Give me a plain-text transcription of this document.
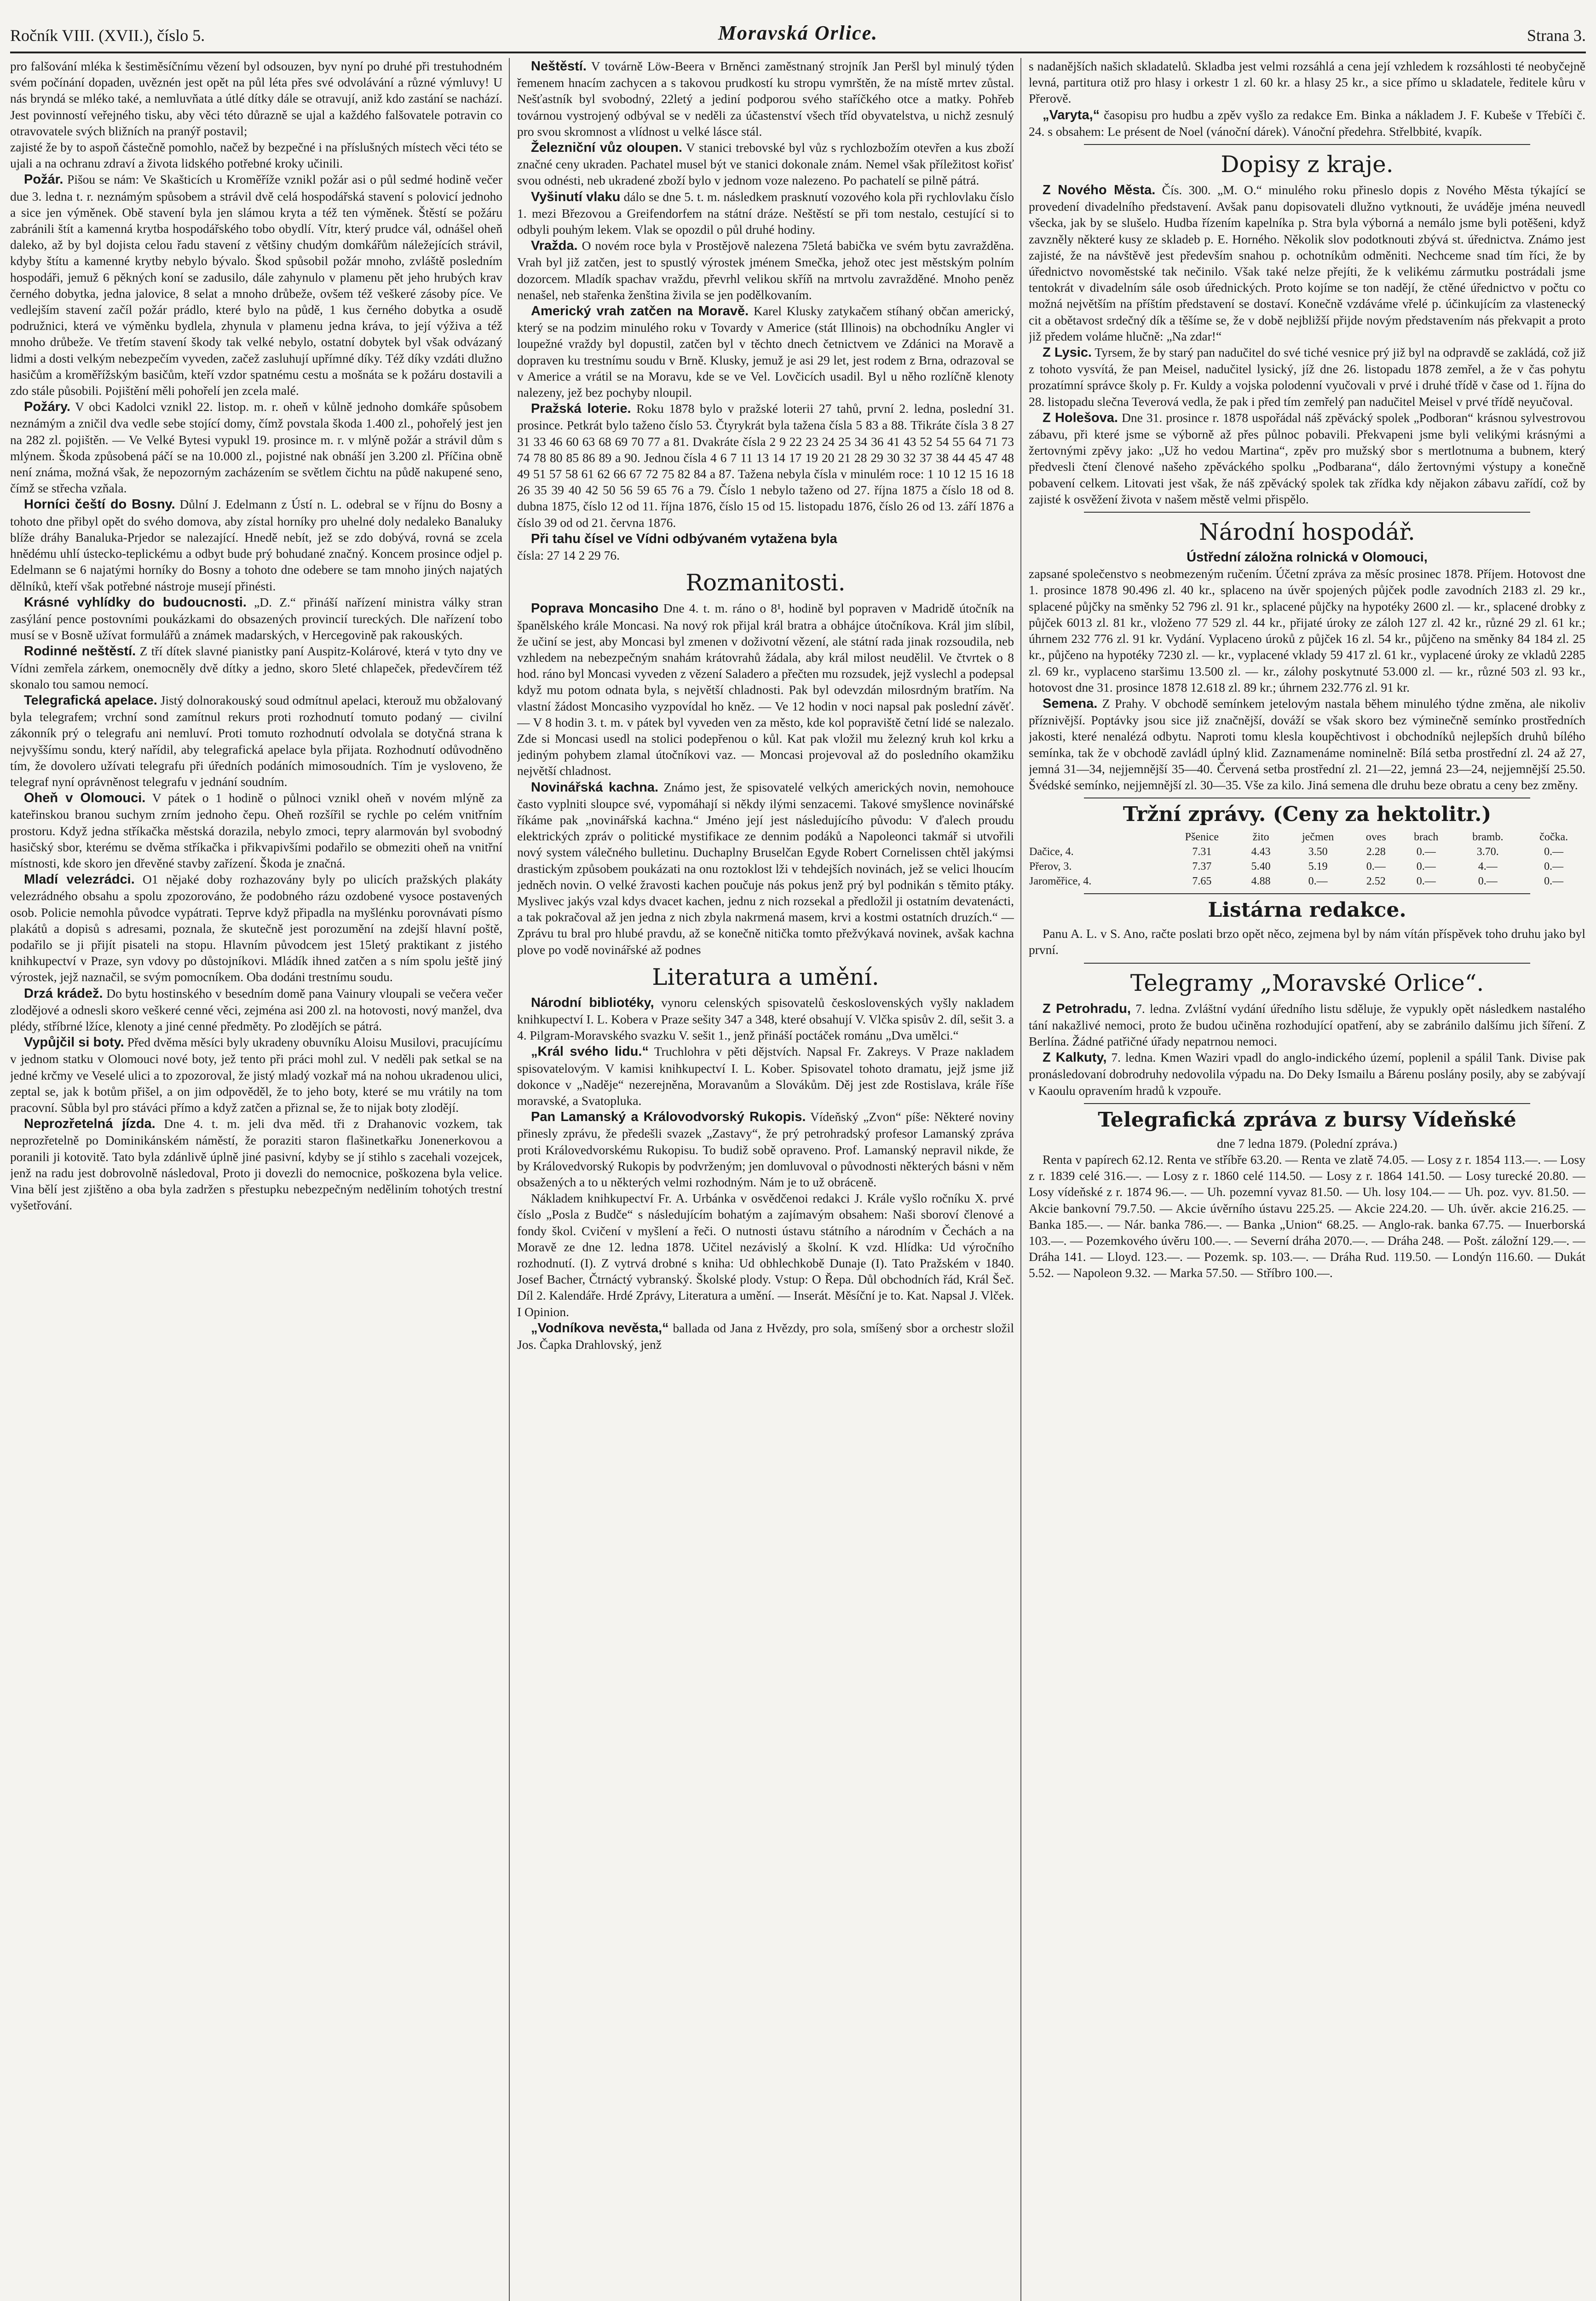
Ročník VIII. (XVII.), číslo 5.	Moravská Orlice.	Strana 3.

pro falšování mléka k šestiměsíčnímu vězení byl odsouzen, byv nyní po druhé při trestuhodném svém počínání dopaden, uvěznén jest opět na půl léta přes své odvolávání a různé výmluvy! U nás bryndá se mléko také, a nemluvňata a útlé dítky dále se otravují, aniž kdo zastání se nachází. Jest povinností veřejného tisku, aby věci této důrazně se ujal a každého falšovatele potravin co otravovatele svých bližních na pranýř postavil;

zajisté že by to aspoň částečně pomohlo, načež by bezpečné i na příslušných místech věci této se ujali a na ochranu zdraví a života lidského potřebné kroky učinili.

Požár. Pišou se nám: Ve Skašticích u Kroměříže vznikl požár asi o půl sedmé hodině večer due 3. ledna t. r. neznámým spůsobem a strávil dvě celá hospodářská stavení s polovicí jednoho a sice jen výměnek. Obě stavení byla jen slámou kryta a též ten výměnek. Štěstí se požáru zabránili štít a kamenná krytba hospodářského tobo obydlí. Vítr, který prudce vál, odnášel oheň daleko, až by byl dojista celou řadu stavení z většiny chudým domkářům náležejících strávil, kdyby štítu a kamenné krytby nebylo bývalo. Škod spůsobil požár mnoho, zvláště posledním hospodáři, jemuž 6 pěkných koní se zadusilo, dále zahynulo v plamenu pět jeho hrubých krav černého dobytka, jedna jalovice, 8 selat a mnoho drůbeže, ovšem též veškeré zásoby píce. Ve vedlejším stavení začíl požár prádlo, které bylo na půdě, 1 kus černého dobytka a osudě podružnici, která ve výměnku bydlela, zhynula v plamenu jedna kráva, to její výživa a též mnoho drůbeže. Ve třetím stavení škody tak velké nebylo, ostatní dobytek byl však odvázaný lidmi a dosti velkým nebezpečím vyveden, začež zasluhují upřímné díky. Též díky vzdáti dlužno hasičům a kroměřížským basičům, kteří vzdor spatnému cestu a mošnáta se k požáru dostavili a zdo stále působili. Pojištění měli pohořelí jen zcela malé.

Požáry. V obci Kadolci vznikl 22. listop. m. r. oheň v kůlně jednoho domkáře spůsobem neznámým a zničil dva vedle sebe stojící domy, čímž povstala škoda 1.400 zl., pohořelý jest jen na 282 zl. pojištěn. — Ve Velké Bytesi vypukl 19. prosince m. r. v mlýně požár a strávil dům s mlýnem. Škoda způsobená páčí se na 10.000 zl., pojistné nak obnáší jen 3.200 zl. Příčina obně není známa, možná však, že nepozorným zacházením se světlem čichtu na půdě nakupené seno, čímž se střecha vzňala.

Horníci čeští do Bosny. Důlní J. Edelmann z Ústí n. L. odebral se v říjnu do Bosny a tohoto dne přibyl opět do svého domova, aby zístal horníky pro uhelné doly nedaleko Banaluky blíže dráhy Banaluka-Prjedor se nalezající. Hnedě nebít, jež se zdo dobývá, rovná se zcela hnědému uhlí ústecko-teplickému a odbyt bude prý bohudané značný. Koncem prosince odjel p. Edelmann se 6 najatými horníky do Bosny a tohoto dne odebere se tam mnoho jiných najatých dělníků, kteří však potřebné nástroje musejí přinésti.

Krásné vyhlídky do budoucnosti. „D. Z.“ přináší nařízení ministra války stran zasýlání pence postovními poukázkami do obsazených provincií tureckých. Dle nařízení tobo musí se v Bosně užívat formulářů a známek madarských, v Hercegovině pak rakouských.

Rodinné neštěstí. Z tří dítek slavné pianistky paní Auspitz-Kolárové, která v tyto dny ve Vídni zemřela zárkem, onemocněly dvě dítky a jedno, skoro 5leté chlapeček, předevčírem též skonalo tou samou nemocí.

Telegrafická apelace. Jistý dolnorakouský soud odmítnul apelaci, kterouž mu obžalovaný byla telegrafem; vrchní sond zamítnul rekurs proti rozhodnutí tomuto podaný — civilní zákonník prý o telegrafu ani nemluví. Proti tomuto rozhodnutí odvolala se dotyčná strana k nejvyššímu sondu, který nařídil, aby telegrafická apelace byla přijata. Rozhodnutí odůvodněno tím, že dovolero užívati telegrafu při úředních podáních mimosoudních. Tím je vysloveno, že telegraf nyní oprávněnost telegrafu v jednání soudním.

Oheň v Olomouci. V pátek o 1 hodině o půlnoci vznikl oheň v novém mlýně za kateřinskou branou suchym zrním jednoho čepu. Oheň rozšířil se rychle po celém vnitřním prostoru. Když jedna stříkačka městská dorazila, nebylo zmoci, tepry alarmován byl svobodný hasičský sbor, kterému se dvěma stříkačka i přikvapivšími podařilo se obmeziti oheň na vnitřní místnosti, kde skoro jen dřevěné stavby zařízení. Škoda je značná.

Mladí velezrádci. O1 nějaké doby rozhazovány byly po ulicích pražských plakáty velezrádného obsahu a spolu zpozorováno, že podobného rázu ozdobené vysoce postavených osob. Policie nemohla původce vypátrati. Teprve když připadla na myšlénku porovnávati písmo plakátů a dopisů s adresami, poznala, že skutečně jest porozumění na zdejší hlavní poště, podařilo se ji přijít pisateli na stopu. Hlavním původcem jest 15letý praktikant z jistého knihkupectví v Praze, syn vdovy po důstojníkovi. Mládík ihned zatčen a s ním spolu ještě jiný výrostek, jejž naznačil, se svým pomocníkem. Oba dodáni trestnímu soudu.

Drzá krádež. Do bytu hostinského v besedním domě pana Vainury vloupali se večera večer zlodějové a odnesli skoro veškeré cenné věci, zejména asi 200 zl. na hotovosti, nový manžel, dva plédy, stříbrné lžíce, klenoty a jiné cenné předměty. Po zlodějích se pátrá.

Vypůjčil si boty. Před dvěma měsíci byly ukradeny obuvníku Aloisu Musilovi, pracujícímu v jednom statku v Olomouci nové boty, jež tento při práci mohl zul. V neděli pak setkal se na jedné krčmy ve Veselé ulici a to zpozoroval, že jistý mladý vozkař má na nohou ukradenou ulici, zeptal se, jak k botům přišel, a on jim odpověděl, že to jeho boty, které se mu vrátily na tom pracovní. Sůbla byl pro stáváci přímo a když zatčen a přiznal se, že to nijak boty zlodějí.

Neprozřetelná jízda. Dne 4. t. m. jeli dva měd. tři z Drahanovic vozkem, tak neprozřetelně po Dominikánském náměstí, že poraziti staron flašinetkařku Jonenerkovou a poranili ji kotovitě. Tato byla zdánlivě úplně jiné pasivní, kdyby se jí stihlo s zacehali vozejcek, jenž na radu jest dobrovolně následoval, Proto ji dovezli do nemocnice, poškozena byla velice. Vina bělí jest zjištěno a oba byla zadržen s přestupku nebezpečným neděliním tohotých trestní vyšetřování.

Neštěstí. V továrně Löw-Beera v Brněnci zaměstnaný strojník Jan Peršl byl minulý týden řemenem hnacím zachycen a s takovou prudkostí ku stropu vymrštěn, že na místě mrtev zůstal. Nešťastník byl svobodný, 22letý a jediní podporou svého staříčkého otce a matky. Pohřeb továrnou vystrojený odbýval se v neděli za účastenství všech tříd obyvatelstva, u nichž zesnulý pro svou skromnost a vlídnost u velké lásce stál.

Železniční vůz oloupen. V stanici trebovské byl vůz s rychlozbožím otevřen a kus zboží značné ceny ukraden. Pachatel musel být ve stanici dokonale znám. Nemel však příležitost kořisť svou odnésti, neb ukradené zboží bylo v jednom voze nalezeno. Po pachatelí se pilně pátrá.

Vyšinutí vlaku dálo se dne 5. t. m. následkem prasknutí vozového kola při rychlovlaku číslo 1. mezi Březovou a Greifendorfem na státní dráze. Neštěstí se při tom nestalo, cestující si to odbyli pouhým lekem. Vlak se opozdil o půl druhé hodiny.

Vražda. O novém roce byla v Prostějově nalezena 75letá babička ve svém bytu zavražděna. Vrah byl již zatčen, jest to spustlý výrostek jménem Smečka, jehož otec jest městským polním dozorcem. Mladík spachav vraždu, převrhl velikou skříň na mrtvolu zavražděné. Mnoho peněz nenašel, neb stařenka ženština živila se jen podělkovaním.

Americký vrah zatčen na Moravě. Karel Klusky zatykačem stíhaný občan americký, který se na podzim minulého roku v Tovardy v Americe (stát Illinois) na obchodníku Angler vi loupežné vraždy byl dopustil, zatčen byl v těchto dnech četnictvem ve Zdánici na Moravě a dopraven ku trestnímu soudu v Brně. Klusky, jemuž je asi 29 let, jest rodem z Brna, odrazoval se v Americe a vrátil se na Moravu, kde se ve Vel. Lovčicích usadil. Byl u něho rozlíčně klenoty nalezeny, jež bez pochyby nloupil.

Pražská loterie. Roku 1878 bylo v pražské loterii 27 tahů, první 2. ledna, poslední 31. prosince. Petkrát bylo taženo číslo 53. Čtyrykrát byla tažena čísla 5 83 a 88. Třikráte čísla 3 8 27 31 33 46 60 63 68 69 70 77 a 81. Dvakráte čísla 2 9 22 23 24 25 34 36 41 43 52 54 55 64 71 73 74 78 80 85 86 89 a 90. Jednou čísla 4 6 7 11 13 14 17 19 20 21 28 29 30 32 37 38 44 45 47 48 49 51 57 58 61 62 66 67 72 75 82 84 a 87. Tažena nebyla čísla v minulém roce: 1 10 12 15 16 18 26 35 39 40 42 50 56 59 65 76 a 79. Číslo 1 nebylo taženo od 27. října 1875 a číslo 18 od 8. dubna 1875, číslo 12 od 11. října 1876, číslo 15 od 15. listopadu 1876, číslo 26 od 13. září 1876 a číslo 39 od od 21. června 1876.

Při tahu čísel ve Vídni odbývaném vytažena byla
čísla: 27 14 2 29 76.

Rozmanitosti.

Poprava Moncasiho Dne 4. t. m. ráno o 8¹, hodině byl popraven v Madridě útočník na španělského krále Moncasi. Na nový rok přijal král bratra a obhájce útočníkova. Král jim slíbil, že učiní se jest, aby Moncasi byl zmenen v doživotní vězení, ale státní rada jinak rozsoudila, neb vzhledem na nebezpečným snahám krátovrahů žádala, aby král milost neudělil. Ve čtvrtek o 8 hod. ráno byl Moncasi vyveden z vězení Saladero a přečten mu rozsudek, jejž vyslechl a podepsal když mu potom odnata byla, s největší chladnosti. Pak byl odevzdán milosrdným bratřím. Na vlastní žádost Moncasiho vyzpovídal ho kněz. — Ve 12 hodin v noci napsal pak poslední závěť. — V 8 hodin 3. t. m. v pátek byl vyveden ven za město, kde kol popraviště četní lidé se nalezalo. Zde si Moncasi usedl na stolici podepřenou o kůl. Kat pak vložil mu železný kruh kol krku a jediným pohybem zlamal útočníkovi vaz. — Moncasi projevoval až do posledního okamžiku největší chladnost.

Novinářská kachna. Známo jest, že spisovatelé velkých amerických novin, nemohouce často vyplniti sloupce své, vypomáhají si někdy ilými senzacemi. Takové smyšlence novinářské říkáme pak „novinářská kachna.“ Jméno její jest následujícího původu: V ďalech proudu elektrických zpráv o politické mystifikace ze dennim podáků a Napoleonci takmář si utvořili nový system válečného bulletinu. Duchaplny Bruselčan Egyde Robert Cornelissen chtěl jakýmsi drastickým způsobem poukázati na onu roztoklost lži v tehdejších novinách, jež se velici lhoucím jedněch novin. O velké žravosti kachen poučuje nás pokus jenž prý byl podnikán s těmito ptáky. Myslivec jakýs vzal kdys dvacet kachen, jednu z nich rozsekal a předložil ji ostatním devatenácti, a tak pokračoval až jen jedna z nich zbyla nakrmená masem, krvi a kostmi ostatních druzích.“ — Zprávu tu bral pro hlubé pravdu, až se konečně nitička tomto přežvýkavá novinek, avšak kachna plove po vodě novinářské až podnes

Literatura a umění.

Národní bibliotéky, vynoru celenských spisovatelů československých vyšly nakladem knihkupectví I. L. Kobera v Praze sešity 347 a 348, které obsahují V. Vlčka spisův 2. díl, sešit 3. a 4. Pilgram-Moravského svazku V. sešit 1., jenž přináší poctáček románu „Dva umělci.“

„Král svého lidu.“ Truchlohra v pěti dějstvích. Napsal Fr. Zakreys. V Praze nakladem spisovatelovým. V kamisi knihkupectví I. L. Kober. Spisovatel tohoto dramatu, jejž jsme již dokonce v „Naděje“ nezerejněna, Moravanům a Slovákům. Děj jest zde Rostislava, krále říše moravské, a Svatopluka.

Pan Lamanský a Královodvorský Rukopis. Vídeňský „Zvon“ píše: Některé noviny přinesly zprávu, že předešli svazek „Zastavy“, že prý petrohradský profesor Lamanský zpráva proti Královedvorskému Rukopisu. To budiž sobě opraveno. Prof. Lamanský nepravil nikde, že by Královedvorský Rukopis by podvrženým; jen domluvoval o původnosti některých básni v něm obsažených a to u některých velmi rozhodným. Nám je to už obráceně.

Nákladem knihkupectví Fr. A. Urbánka v osvědčenoi redakci J. Krále vyšlo ročníku X. prvé číslo „Posla z Budče“ s následujícím bohatým a zajímavým obsahem: Naši sboroví členové a fondy škol. Cvičení v myšlení a řeči. O nutnosti ústavu státního a národním v Čechách a na Moravě ze dne 12. ledna 1878. Učitel nezávislý a školní. K vzd. Hlídka: Ud výročního rozhodnutí. (I). Z vytrvá drobné s kniha: Ud obhlechkobě Dunaje (I). Tato Pražském v 1840. Josef Bacher, Čtrnáctý vybranský. Školské plody. Vstup: O Řepa. Důl obchodních řád, Král Šeč. Díl 2. Kalendáře. Hrdé Zprávy, Literatura a umění. — Inserát. Měsíční je to. Kat. Napsal J. Vlček. I Opinion.

„Vodníkova nevěsta,“ ballada od Jana z Hvězdy, pro sola, smíšený sbor a orchestr složil Jos. Čapka Drahlovský, jenž

s nadanějších našich skladatelů. Skladba jest velmi rozsáhlá a cena její vzhledem k rozsáhlosti té neobyčejně levná, partitura otiž pro hlasy i orkestr 1 zl. 60 kr. a hlasy 25 kr., a sice přímo u skladatele, ředitele kůru v Přerově.

„Varyta,“ časopisu pro hudbu a zpěv vyšlo za redakce Em. Binka a nákladem J. F. Kubeše v Třebíči č. 24. s obsahem: Le présent de Noel (vánoční dárek). Vánoční předehra. Střelbbité, kvapík.

Dopisy z kraje.

Z Nového Města. Čís. 300. „M. O.“ minulého roku přineslo dopis z Nového Města týkající se provedení divadelního představení. Avšak panu dopisovateli dlužno vytknouti, že uváděje jména neuvedl všecka, jak by se slušelo. Hudba řízením kapelníka p. Stra byla výborná a nemálo jsme byli potěšeni, když zavzněly některé kusy ze skladeb p. E. Horného. Několik slov podotknouti zbývá st. úřednictva. Známo jest zajisté, že na návštěvě jest především snahou p. ochotníkům odměniti. Nechceme snad tím říci, že by úřednictvo novoměstské tak nečinilo. Však také nelze přejíti, že k velikému zármutku postrádali jsme tentokrát v divadelním sále osob úřednických. Proto kojíme se ton nadějí, že ctěné úřednictvo v počtu co možná největším na příštím představení se dostaví. Konečně vzdáváme vřelé p. účinkujícím za vlastenecký cit a obětavost srdečný dík a těšíme se, že v době nejbližší přijde novým představením nás překvapit a proto již předem voláme hlučně: „Na zdar!“

Z Lysic. Tyrsem, že by starý pan nadučitel do své tiché vesnice prý již byl na odpravdě se zakládá, což již z tohoto vysvítá, že pan Meisel, nadučitel lysický, jíž dne 26. listopadu 1878 zemřel, a že v čas pohytu prozatímní správce školy p. Fr. Kuldy a vojska polodenní vyučovali v prvé i druhé třídě v čase od 1. října do 28. listopadu slečna Teverová vedla, že pak i před tím zemřelý pan nadučitel Meisel v prvé třídě neyučoval.

Z Holešova. Dne 31. prosince r. 1878 uspořádal náš zpěvácký spolek „Podboran“ krásnou sylvestrovou zábavu, při které jsme se výborně až přes půlnoc pobavili. Překvapeni jsme byli velikými krásnými a žertovnými zpěvy jako: „Už ho vedou Martina“, zpěv pro mužský sbor s mertlotnuma a bubnem, který předvesli čtení členové našeho zpěváckého spolku „Podbarana“, dálo žertovnými výstupy a konečně pobavení celkem. Litovati jest však, že náš zpěvácký spolek tak zřídka kdy nějakon zábavu zařídí, což by zajisté k osvěžení života v našem městě velmi přispělo.

Národní hospodář.
Ústřední záložna rolnická v Olomouci,

zapsané společenstvo s neobmezeným ručením. Účetní zpráva za měsíc prosinec 1878. Příjem. Hotovost dne 1. prosince 1878 90.496 zl. 40 kr., splaceno na úvěr spojených půjček podle zavodních 2183 zl. 29 kr., splacené půjčky na směnky 52 796 zl. 91 kr., splacené půjčky na hypotéky 2600 zl. — kr., splacené drobky z půjček 6013 zl. 81 kr., vloženo 77 529 zl. 44 kr., přijaté úroky ze záloh 127 zl. 42 kr., různé 29 zl. 61 kr.; úhrnem 232 776 zl. 91 kr. Vydání. Vyplaceno úroků z půjček 16 zl. 54 kr., půjčeno na směnky 84 184 zl. 25 kr., půjčeno na hypotéky 7230 zl. — kr., vyplacené vklady 59 417 zl. 61 kr., vyplacené úroky ze vkladů 2285 zl. 69 kr., vyplaceno staršimu 13.500 zl. — kr., zálohy poskytnuté 53.000 zl. — kr., různé 503 zl. 93 kr., hotovost dne 31. prosince 1878 12.618 zl. 89 kr.; úhrnem 232.776 zl. 91 kr.

Semena. Z Prahy. V obchodě semínkem jetelovým nastala během minulého týdne změna, ale nikoliv příznivější. Poptávky jsou sice již značnější, dováží se však skoro bez výminečně semínko prostředních jakosti, které nenalézá odbytu. Naproti tomu klesla koupěchtivost i obchodníků nejlepších druhů bílého semínka, tak že v obchodě zavládl úplný klid. Zaznamenáme nominelně: Bílá setba prostřední zl. 24 až 27, jemná 31—34, nejjemnější 35—40. Červená setba prostřední zl. 21—22, jemná 23—24, nejjemnější 25.50. Švédské semínko, nejjemnější zl. 30—35. Vše za kilo. Jiná semena dle druhu beze obratu a ceny bez změny.

Tržní zprávy. (Ceny za hektolitr.)
	Pšenice	žito	ječmen	oves	brach	bramb.	čočka.
Dačice, 4.	7.31	4.43	3.50	2.28	0.—	3.70.	0.—
Přerov, 3.	7.37	5.40	5.19	0.—	0.—	4.—	0.—
Jaroměřice, 4.	7.65	4.88	0.—	2.52	0.—	0.—	0.—
Listárna redakce.

Panu A. L. v S. Ano, račte poslati brzo opět něco, zejmena byl by nám vítán příspěvek toho druhu jako byl první.

Telegramy „Moravské Orlice“.

Z Petrohradu, 7. ledna. Zvláštní vydání úředního listu sděluje, že vypukly opět následkem nastalého tání nakažlivé nemoci, proto že budou učiněna rozhodující opatření, aby se zabránilo dalšímu jich šíření. Z Berlína. Žádné patřičné úřady nepatrnou nemoci.

Z Kalkuty, 7. ledna. Kmen Waziri vpadl do anglo-indického území, poplenil a spálil Tank. Divise pak pronásledovaní dobrodruhy nedovolila výpadu na. Do Deky Ismailu a Bárenu poslány posily, aby se zabývají v Kaoulu opravením hradů k vzpouře.

Telegrafická zpráva z bursy Vídeňské
dne 7 ledna 1879. (Polední zpráva.)

Renta v papírech 62.12. Renta ve stříbře 63.20. — Renta ve zlatě 74.05. — Losy z r. 1854 113.—. — Losy z r. 1839 celé 316.—. — Losy z r. 1860 celé 114.50. — Losy z r. 1864 141.50. — Losy turecké 20.80. — Losy vídeňské z r. 1874 96.—. — Uh. pozemní vyvaz 81.50. — Uh. losy 104.— — Uh. poz. vyv. 81.50. — Akcie bankovní 79.7.50. — Akcie úvěrního ústavu 225.25. — Akcie 224.20. — Uh. úvěr. akcie 216.25. — Banka 185.—. — Nár. banka 786.—. — Banka „Union“ 68.25. — Anglo-rak. banka 67.75. — Inuerborská 103.—. — Pozemkového úvěru 100.—. — Severní dráha 2070.—. — Dráha 248. — Pošt. záložní 129.—. — Dráha 141. — Lloyd. 123.—. — Pozemk. sp. 103.—. — Dráha Rud. 119.50. — Londýn 116.60. — Dukát 5.52. — Napoleon 9.32. — Marka 57.50. — Stříbro 100.—.
